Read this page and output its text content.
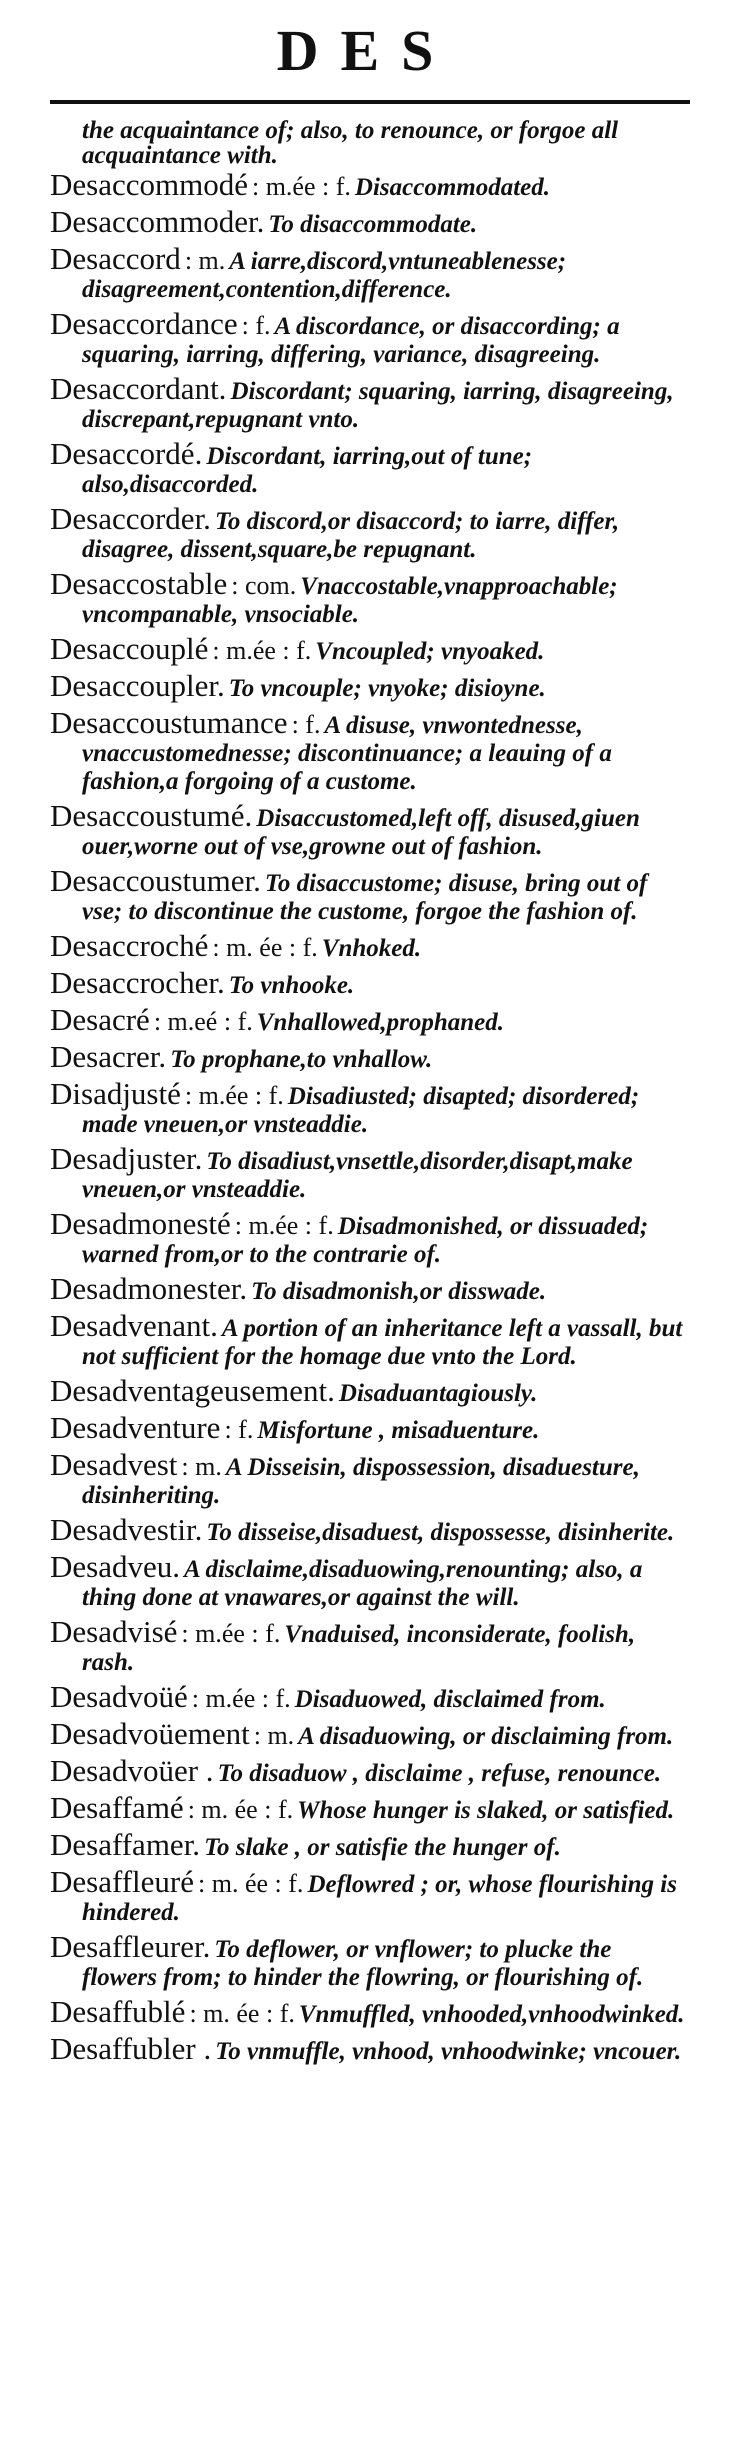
DES
the acquaintance of; also, to renounce, or forgoe all acquaintance with.
Desaccommodé : m.ée : f. Disaccommodated.
Desaccommoder. To disaccommodate.
Desaccord : m. A iarre,discord,vntuneablenesse; disagreement,contention,difference.
Desaccordance : f. A discordance, or disaccording; a squaring, iarring, differing, variance, disagreeing.
Desaccordant. Discordant; squaring, iarring, disagreeing, discrepant,repugnant vnto.
Desaccordé. Discordant, iarring,out of tune; also,disaccorded.
Desaccorder. To discord,or disaccord; to iarre, differ, disagree, dissent,square,be repugnant.
Desaccostable : com. Vnaccostable,vnapproachable; vncompanable, vnsociable.
Desaccouplé : m.ée : f. Vncoupled; vnyoaked.
Desaccoupler. To vncouple; vnyoke; disioyne.
Desaccoustumance : f. A disuse, vnwontednesse, vnaccustomednesse; discontinuance; a leauing of a fashion,a forgoing of a custome.
Desaccoustumé. Disaccustomed,left off, disused,giuen ouer,worne out of vse,growne out of fashion.
Desaccoustumer. To disaccustome; disuse, bring out of vse; to discontinue the custome, forgoe the fashion of.
Desaccroché : m. ée : f. Vnhoked.
Desaccrocher. To vnhooke.
Desacré : m.eé : f. Vnhallowed,prophaned.
Desacrer. To prophane,to vnhallow.
Disadjusté : m.ée : f. Disadiusted; disapted; disordered; made vneuen,or vnsteaddie.
Desadjuster. To disadiust,vnsettle,disorder,disapt,make vneuen,or vnsteaddie.
Desadmonesté : m.ée : f. Disadmonished, or dissuaded; warned from,or to the contrarie of.
Desadmonester. To disadmonish,or disswade.
Desadvenant. A portion of an inheritance left a vassall, but not sufficient for the homage due vnto the Lord.
Desadventageusement. Disaduantagiously.
Desadventure : f. Misfortune , misaduenture.
Desadvest : m. A Disseisin, dispossession, disaduesture, disinheriting.
Desadvestir. To disseise,disaduest, dispossesse, disinherite.
Desadveu. A disclaime,disaduowing,renounting; also, a thing done at vnawares,or against the will.
Desadvisé : m.ée : f. Vnaduised, inconsiderate, foolish, rash.
Desadvoüé : m.ée : f. Disaduowed, disclaimed from.
Desadvoüement : m. A disaduowing, or disclaiming from.
Desadvoüer . To disaduow , disclaime , refuse, renounce.
Desaffamé : m. ée : f. Whose hunger is slaked, or satisfied.
Desaffamer. To slake , or satisfie the hunger of.
Desaffleuré : m. ée : f. Deflowred ; or, whose flourishing is hindered.
Desaffleurer. To deflower, or vnflower; to plucke the flowers from; to hinder the flowring, or flourishing of.
Desaffublé : m. ée : f. Vnmuffled, vnhooded,vnhoodwinked.
Desaffubler . To vnmuffle, vnhood, vnhoodwinke; vncouer.
